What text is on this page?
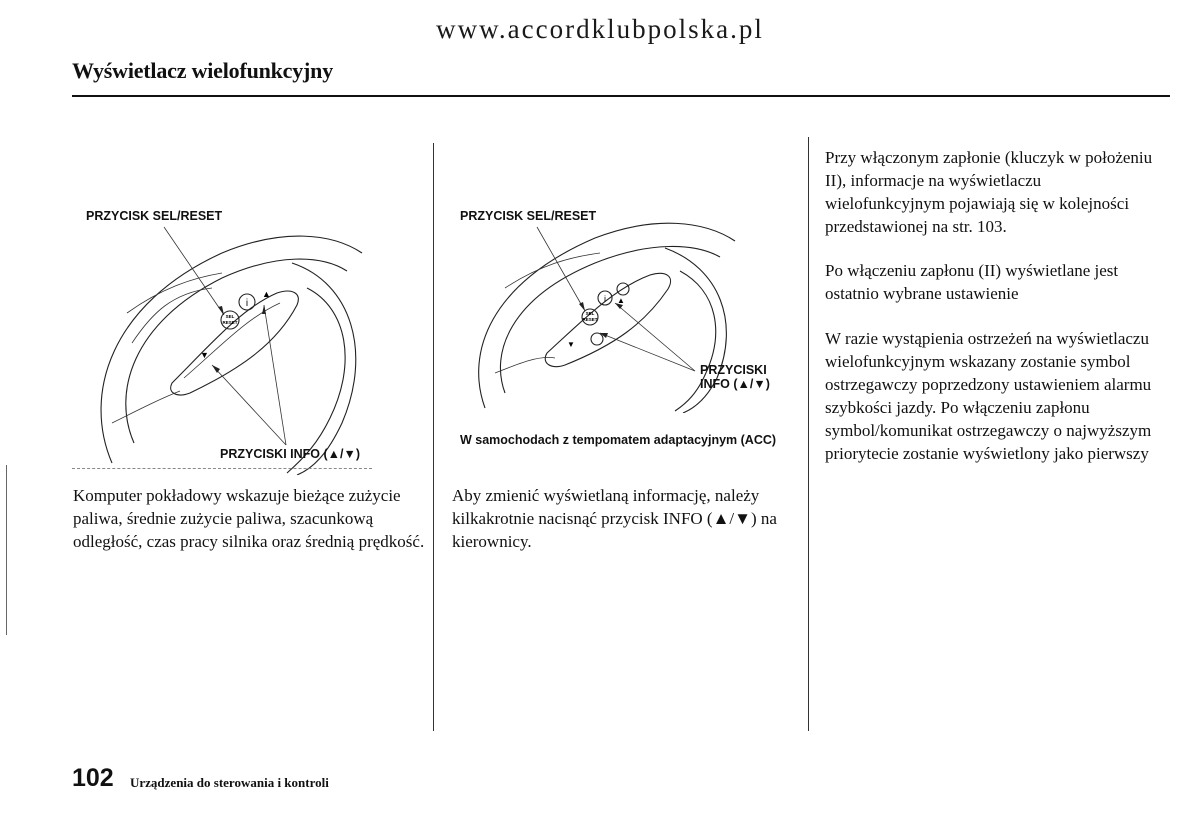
www.accordklubpolska.pl
Wyświetlacz wielofunkcyjny
SEL
RESET
i
▲
▼
PRZYCISK SEL/RESET
PRZYCISKI INFO (▲/▼)
SEL
RESET
i ▲
▼
PRZYCISK SEL/RESET
PRZYCISKI
INFO (▲/▼)
W samochodach z tempomatem adaptacyjnym (ACC)
Komputer pokładowy wskazuje bieżące zużycie paliwa, średnie zużycie paliwa, szacunkową odległość, czas pracy silnika oraz średnią prędkość.
Aby zmienić wyświetlaną informację, należy kilkakrotnie nacisnąć przycisk INFO (▲/▼) na kierownicy.
Przy włączonym zapłonie (kluczyk w położeniu II), informacje na wyświetlaczu wielofunkcyjnym pojawiają się w kolejności przedstawionej na str. 103.
Po włączeniu zapłonu (II) wyświetlane jest ostatnio wybrane ustawienie
W razie wystąpienia ostrzeżeń na wyświetlaczu wielofunkcyjnym wskazany zostanie symbol ostrzegawczy poprzedzony ustawieniem alarmu szybkości jazdy. Po włączeniu zapłonu symbol/komunikat ostrzegawczy o najwyższym priorytecie zostanie wyświetlony jako pierwszy
102 Urządzenia do sterowania i kontroli
